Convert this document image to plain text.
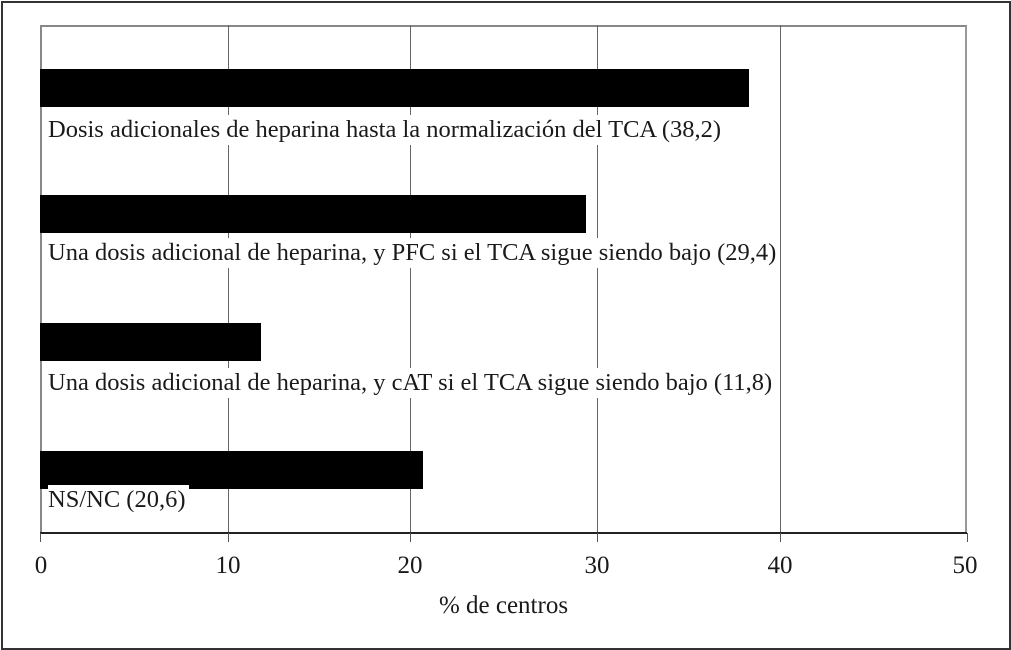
Dosis adicionales de heparina hasta la normalización del TCA (38,2)
Una dosis adicional de heparina, y PFC si el TCA sigue siendo bajo (29,4)
Una dosis adicional de heparina, y cAT si el TCA sigue siendo bajo (11,8)
NS/NC (20,6)
0	10	20	30	40	50
% de centros
